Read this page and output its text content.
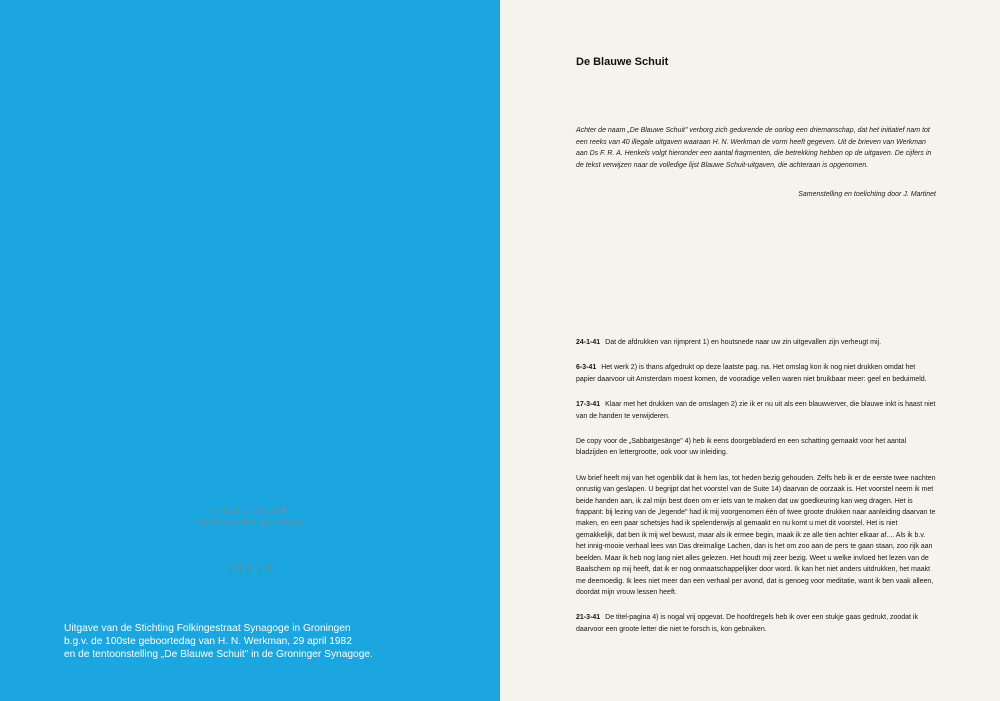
BIBLIOTHEEK
GRONINGER MUSEUM
19213
Uitgave van de Stichting Folkingestraat Synagoge in Groningen
b.g.v. de 100ste geboortedag van H. N. Werkman, 29 april 1982
en de tentoonstelling „De Blauwe Schuit" in de Groninger Synagoge.
De Blauwe Schuit
Achter de naam „De Blauwe Schuit" verborg zich gedurende de oorlog een driemanschap, dat het initiatief nam tot een reeks van 40 illegale uitgaven waaraan H. N. Werkman de vorm heeft gegeven. Uit de brieven van Werkman aan Ds F. R. A. Henkels volgt hieronder een aantal fragmenten, die betrekking hebben op de uitgaven. De cijfers in de tekst verwijzen naar de volledige lijst Blauwe Schuit-uitgaven, die achteraan is opgenomen.
Samenstelling en toelichting door J. Martinet

24-1-41 Dat de afdrukken van rijmprent 1) en houtsnede naar uw zin uitgevallen zijn verheugt mij.

6-3-41 Het werk 2) is thans afgedrukt op deze laatste pag. na. Het omslag kon ik nog niet drukken omdat het papier daarvoor uit Amsterdam moest komen, de vooradige vellen waren niet bruikbaar meer: geel en beduimeld.

17-3-41 Klaar met het drukken van de omslagen 2) zie ik er nu uit als een blauwverver, die blauwe inkt is haast niet van de handen te verwijderen.

De copy voor de „Sabbatgesänge" 4) heb ik eens doorgebladerd en een schatting gemaakt voor het aantal bladzijden en lettergrootte, ook voor uw inleiding.

Uw brief heeft mij van het ogenblik dat ik hem las, tot heden bezig gehouden. Zelfs heb ik er de eerste twee nachten onrustig van geslapen. U begrijpt dat het voorstel van de Suite 14) daarvan de oorzaak is. Het voorstel neem ik met beide handen aan, ik zal mijn best doen om er iets van te maken dat uw goedkeuring kan weg dragen. Het is frappant: bij lezing van de „legende" had ik mij voorgenomen één of twee groote drukken naar aanleiding daarvan te maken, en een paar schetsjes had ik spelenderwijs al gemaakt en nu komt u met dit voorstel. Het is niet gemakkelijk, dat ben ik mij wel bewust, maar als ik ermee begin, maak ik ze alle tien achter elkaar af.... Als ik b.v. het innig-mooie verhaal lees van Das dreimalige Lachen, dan is het om zoo aan de pers te gaan staan, zoo rijk aan beelden. Maar ik heb nog lang niet alles gelezen. Het houdt mij zeer bezig. Weet u welke invloed het lezen van de Baalschem op mij heeft, dat ik er nog onmaatschappelijker door word. Ik kan het niet anders uitdrukken, het maakt me deemoedig. Ik lees niet meer dan een verhaal per avond, dat is genoeg voor meditatie, want ik ben vaak alleen, doordat mijn vrouw lessen heeft.

21-3-41 De titel-pagina 4) is nogal vrij opgevat. De hoofdregels heb ik over een stukje gaas gedrukt, zoodat ik daarvoor een groote letter die niet te forsch is, kon gebruiken.
